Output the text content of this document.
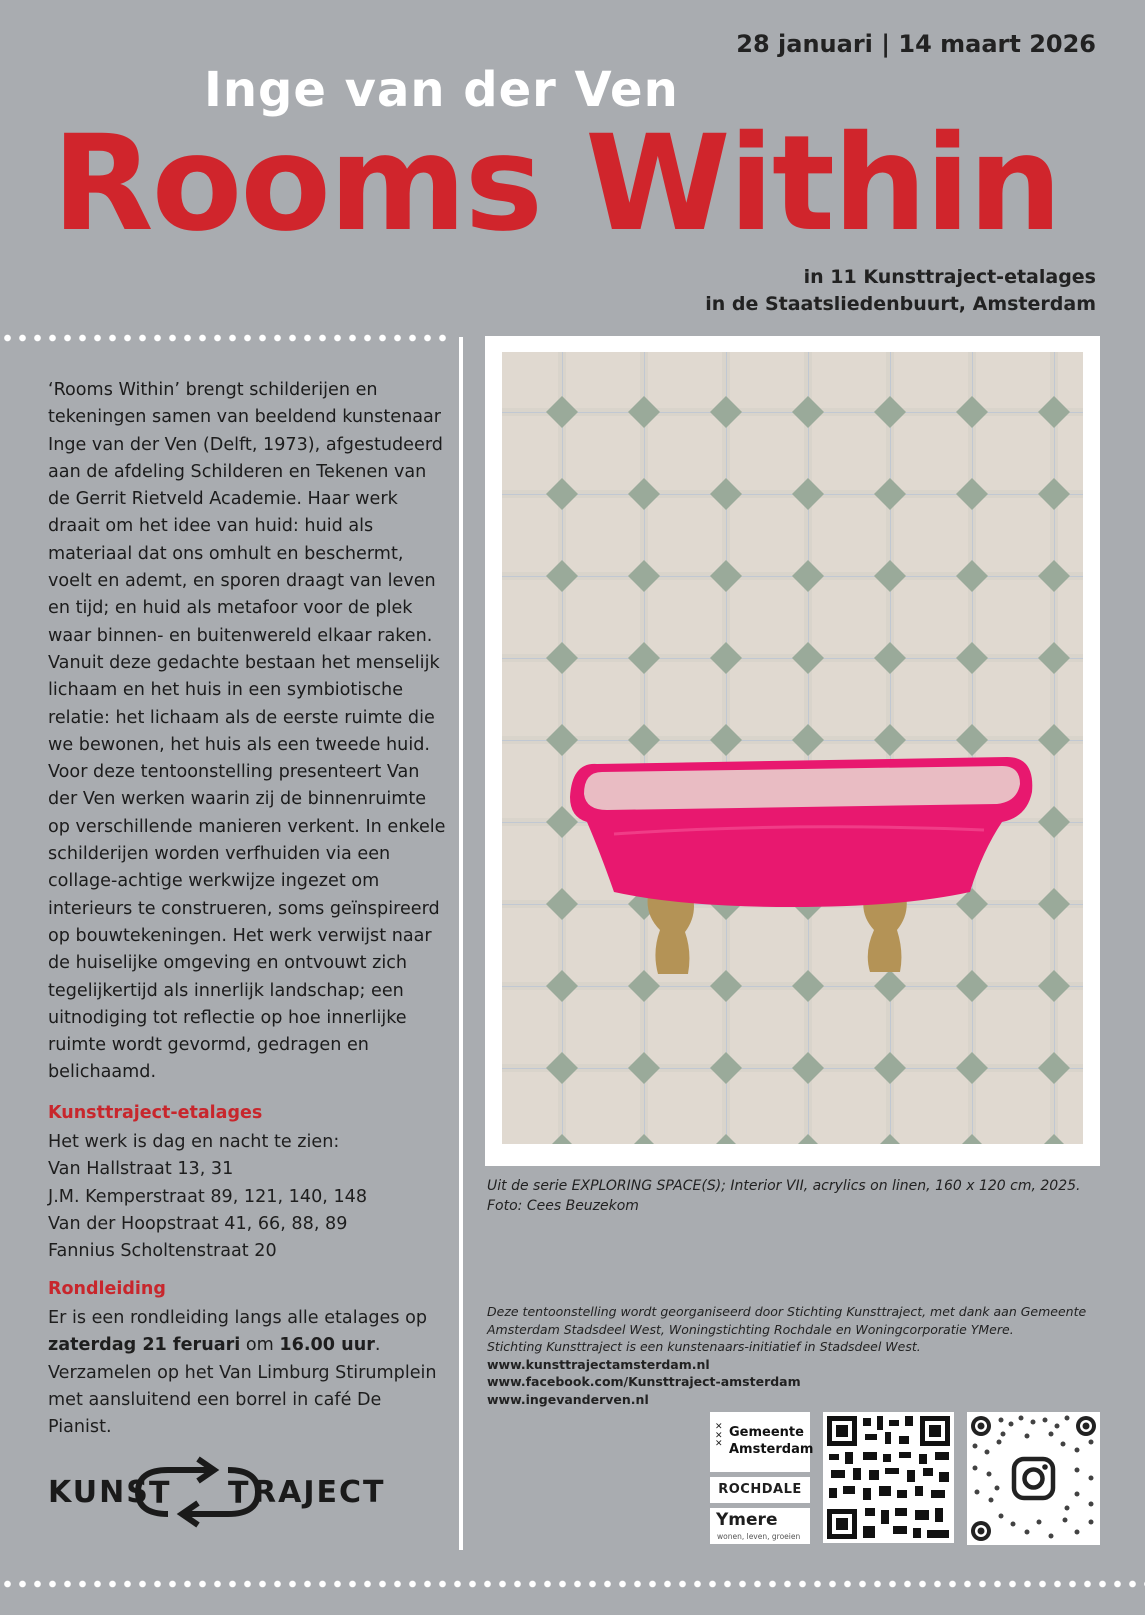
28 januari | 14 maart 2026
Inge van der Ven
Rooms Within
in 11 Kunsttraject-etalages
in de Staatsliedenbuurt, Amsterdam
‘Rooms Within’ brengt schilderijen en tekeningen samen van beeldend kunstenaar Inge van der Ven (Delft, 1973), afgestudeerd aan de afdeling Schilderen en Tekenen van de Gerrit Rietveld Academie. Haar werk draait om het idee van huid: huid als materiaal dat ons omhult en beschermt, voelt en ademt, en sporen draagt van leven en tijd; en huid als metafoor voor de plek waar binnen- en buitenwereld elkaar raken. Vanuit deze gedachte bestaan het menselijk lichaam en het huis in een symbiotische relatie: het lichaam als de eerste ruimte die we bewonen, het huis als een tweede huid. Voor deze tentoonstelling presenteert Van der Ven werken waarin zij de binnenruimte op verschillende manieren verkent. In enkele schilderijen worden verfhuiden via een collage-achtige werkwijze ingezet om interieurs te construeren, soms geïnspireerd op bouwtekeningen. Het werk verwijst naar de huiselijke omgeving en ontvouwt zich tegelijkertijd als innerlijk landschap; een uitnodiging tot reflectie op hoe innerlijke ruimte wordt gevormd, gedragen en belichaamd.
Kunsttraject-etalages
Het werk is dag en nacht te zien:
Van Hallstraat 13, 31
J.M. Kemperstraat 89, 121, 140, 148
Van der Hoopstraat 41, 66, 88, 89
Fannius Scholtenstraat 20
Rondleiding
Er is een rondleiding langs alle etalages op
zaterdag 21 feruari om 16.00 uur.
Verzamelen op het Van Limburg Stirumplein met aansluitend een borrel in café De Pianist.
KUNS T T RAJECT
Uit de serie EXPLORING SPACE(S); Interior VII, acrylics on linen, 160 x 120 cm, 2025.
Foto: Cees Beuzekom
Deze tentoonstelling wordt georganiseerd door Stichting Kunsttraject, met dank aan Gemeente Amsterdam Stadsdeel West, Woningstichting Rochdale en Woningcorporatie YMere.
Stichting Kunsttraject is een kunstenaars-initiatief in Stadsdeel West.
www.kunsttrajectamsterdam.nl
www.facebook.com/Kunsttraject-amsterdam
www.ingevanderven.nl
✕
✕
✕
Gemeente
Amsterdam
ROCHDALE
Ymere
wonen, leven, groeien
